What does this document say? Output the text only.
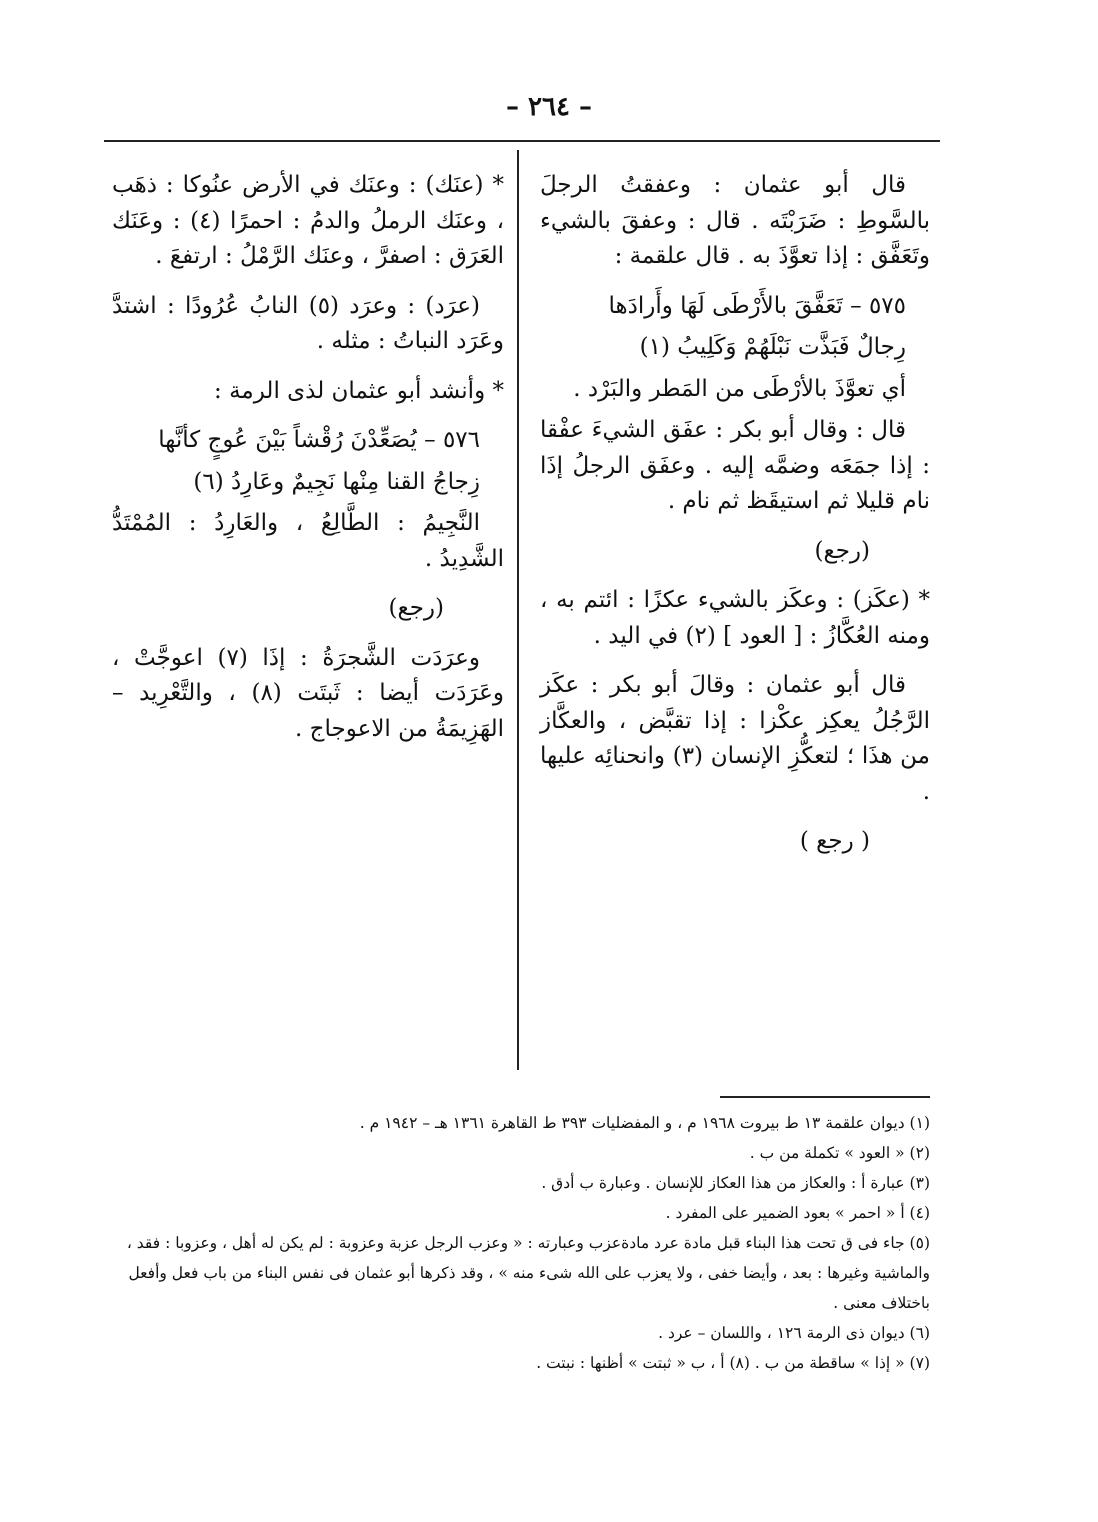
– ٢٦٤ –

قال أبو عثمان : وعفقتُ الرجلَ بالسَّوطِ : ضَرَبْتَه . قال : وعفقَ بالشيء وتَعَفَّق : إذا تعوَّذَ به . قال علقمة :

٥٧٥ – تَعَفَّقَ بالأَرْطَى لَهَا وأَرادَها

رِجالٌ فَبَذَّت نَبْلَهُمْ وَكَلِيبُ (١)

أي تعوَّذَ بالأرْطَى من المَطر والبَرْد .

قال : وقال أبو بكر : عفَق الشيءَ عفْقا : إذا جمَعَه وضمَّه إليه . وعفَق الرجلُ إذَا نام قليلا ثم استيقَظ ثم نام .

(رجع)

* (عكَز) : وعكَز بالشيء عكزًا : ائتم به ، ومنه العُكَّازُ : [ العود ] (٢) في اليد .

قال أبو عثمان : وقالَ أبو بكر : عكَز الرَّجُلُ يعكِز عكْزا : إذا تقبَّض ، والعكَّاز من هذَا ؛ لتعكُّزِ الإنسان (٣) وانحنائِه عليها .

( رجع )

* (عنَك) : وعنَك في الأرض عنُوكا : ذهَب ، وعنَك الرملُ والدمُ : احمرًا (٤) : وعَنَك العَرَق : اصفرَّ ، وعنَك الرَّمْلُ : ارتفعَ .

(عرَد) : وعرَد (٥) النابُ عُرُودًا : اشتدَّ وعَرَد النباتُ : مثله .

* وأنشد أبو عثمان لذى الرمة :

٥٧٦ – يُصَعِّدْنَ رُقْشاً بَيْنَ عُوجٍ كأنَّها

زِجاجُ القنا مِنْها نَجِيمٌ وعَارِدُ (٦)

النَّجِيمُ : الطَّالِعُ ، والعَارِدُ : المُمْتَدُّ الشَّدِيدُ .

(رجع)

وعرَدَت الشَّجرَةُ : إذَا (٧) اعوجَّتْ ، وعَرَدَت أيضا : ثَبتَت (٨) ، والتَّعْرِيد – الهَزِيمَةُ من الاعوجاج .

(١) ديوان علقمة ١٣ ط بيروت ١٩٦٨ م ، و المفضليات ٣٩٣ ط القاهرة ١٣٦١ هـ – ١٩٤٢ م .

(٢) « العود » تكملة من ب .

(٣) عبارة أ : والعكاز من هذا العكاز للإنسان . وعبارة ب أدق .

(٤) أ « احمر » بعود الضمير على المفرد .

(٥) جاء فى ق تحت هذا البناء قبل مادة عرد مادةعزب وعبارته : « وعزب الرجل عزبة وعزوبة : لم يكن له أهل ، وعزوبا : فقد ، والماشية وغيرها : بعد ، وأيضا خفى ، ولا يعزب على الله شىء منه » ، وقد ذكرها أبو عثمان فى نفس البناء من باب فعل وأفعل باختلاف معنى .

(٦) ديوان ذى الرمة ١٢٦ ، واللسان – عرد .

(٧) « إذا » ساقطة من ب . (٨) أ ، ب « ثبتت » أظنها : نبتت .
